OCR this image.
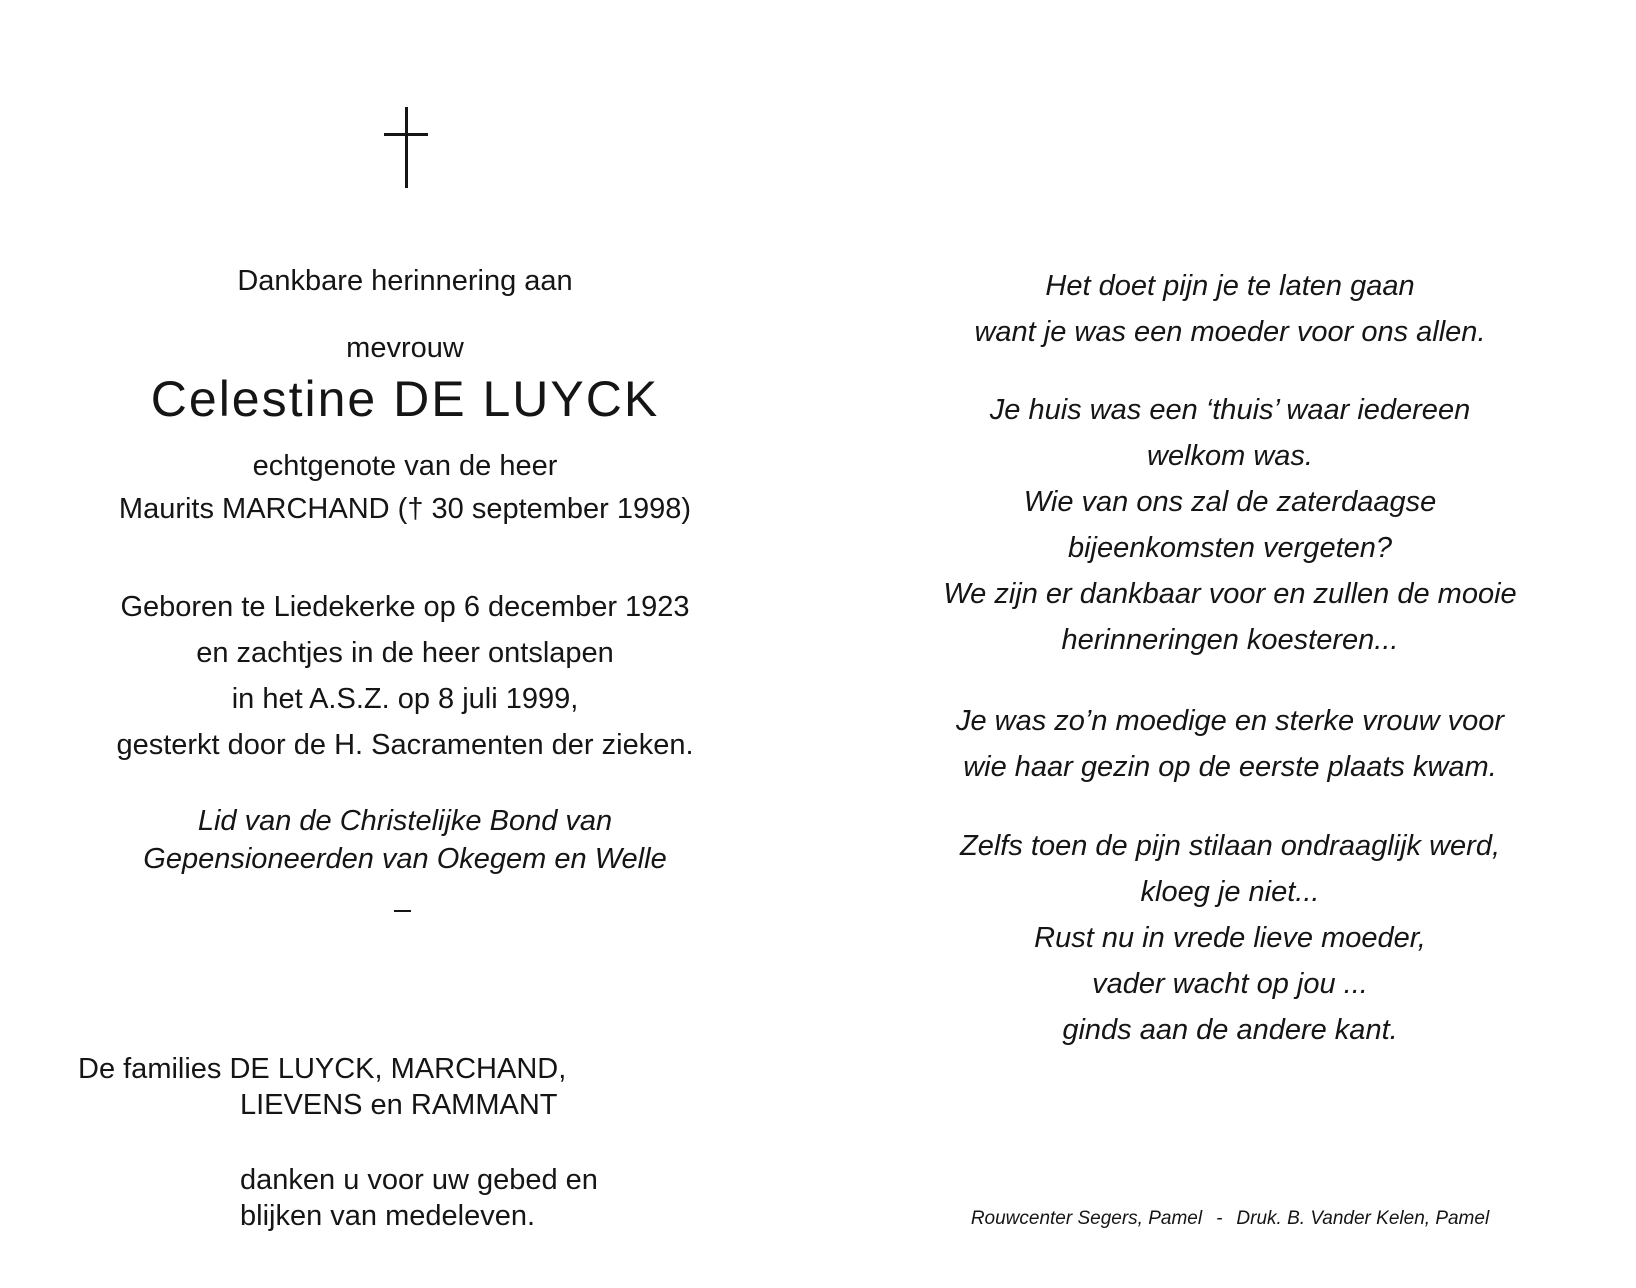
Dankbare herinnering aan
mevrouw
Celestine DE LUYCK
echtgenote van de heer
Maurits MARCHAND († 30 september 1998)

Geboren te Liedekerke op 6 december 1923

en zachtjes in de heer ontslapen

in het A.S.Z. op 8 juli 1999,

gesterkt door de H. Sacramenten der zieken.

Lid van de Christelijke Bond van

Gepensioneerden van Okegem en Welle

De families DE LUYCK, MARCHAND,
LIEVENS en RAMMANT
danken u voor uw gebed en
blijken van medeleven.

Het doet pijn je te laten gaan

want je was een moeder voor ons allen.

Je huis was een ‘thuis’ waar iedereen

welkom was.

Wie van ons zal de zaterdaagse

bijeenkomsten vergeten?

We zijn er dankbaar voor en zullen de mooie

herinneringen koesteren...

Je was zo’n moedige en sterke vrouw voor

wie haar gezin op de eerste plaats kwam.

Zelfs toen de pijn stilaan ondraaglijk werd,

kloeg je niet...

Rust nu in vrede lieve moeder,

vader wacht op jou ...

ginds aan de andere kant.

Rouwcenter Segers, Pamel - Druk. B. Vander Kelen, Pamel
